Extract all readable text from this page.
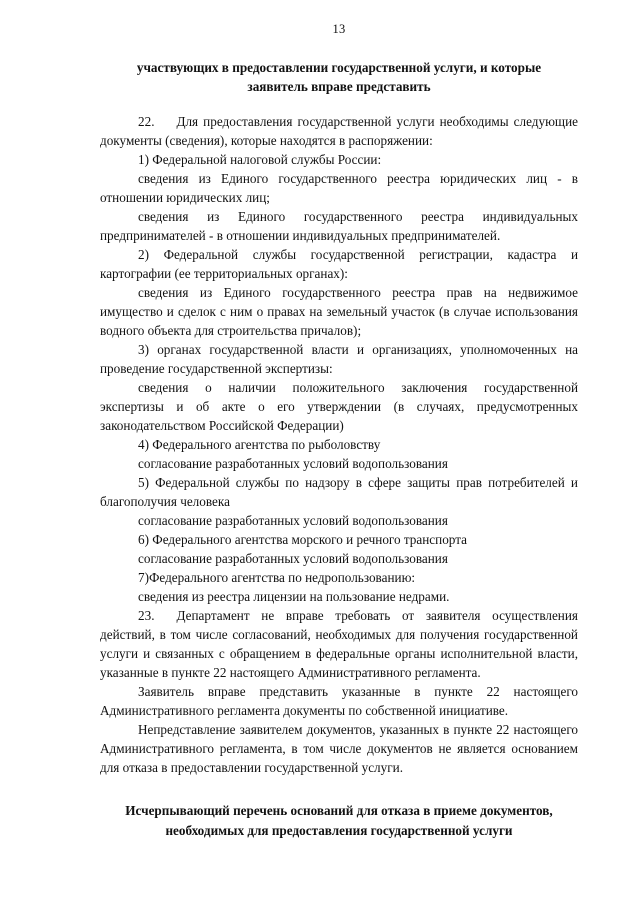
13
участвующих в предоставлении государственной услуги, и которые
заявитель вправе представить

22. Для предоставления государственной услуги необходимы следующие документы (сведения), которые находятся в распоряжении:

1) Федеральной налоговой службы России:

сведения из Единого государственного реестра юридических лиц - в отношении юридических лиц;

сведения из Единого государственного реестра индивидуальных предпринимателей - в отношении индивидуальных предпринимателей.

2) Федеральной службы государственной регистрации, кадастра и картографии (ее территориальных органах):

сведения из Единого государственного реестра прав на недвижимое имущество и сделок с ним о правах на земельный участок (в случае использования водного объекта для строительства причалов);

3) органах государственной власти и организациях, уполномоченных на проведение государственной экспертизы:

сведения о наличии положительного заключения государственной экспертизы и об акте о его утверждении (в случаях, предусмотренных законодательством Российской Федерации)

4) Федерального агентства по рыболовству

согласование разработанных условий водопользования

5) Федеральной службы по надзору в сфере защиты прав потребителей и благополучия человека

согласование разработанных условий водопользования

6) Федерального агентства морского и речного транспорта

согласование разработанных условий водопользования

7)Федерального агентства по недропользованию:

сведения из реестра лицензии на пользование недрами.

23. Департамент не вправе требовать от заявителя осуществления действий, в том числе согласований, необходимых для получения государственной услуги и связанных с обращением в федеральные органы исполнительной власти, указанные в пункте 22 настоящего Административного регламента.

Заявитель вправе представить указанные в пункте 22 настоящего Административного регламента документы по собственной инициативе.

Непредставление заявителем документов, указанных в пункте 22 настоящего Административного регламента, в том числе документов не является основанием для отказа в предоставлении государственной услуги.

Исчерпывающий перечень оснований для отказа в приеме документов,
необходимых для предоставления государственной услуги
